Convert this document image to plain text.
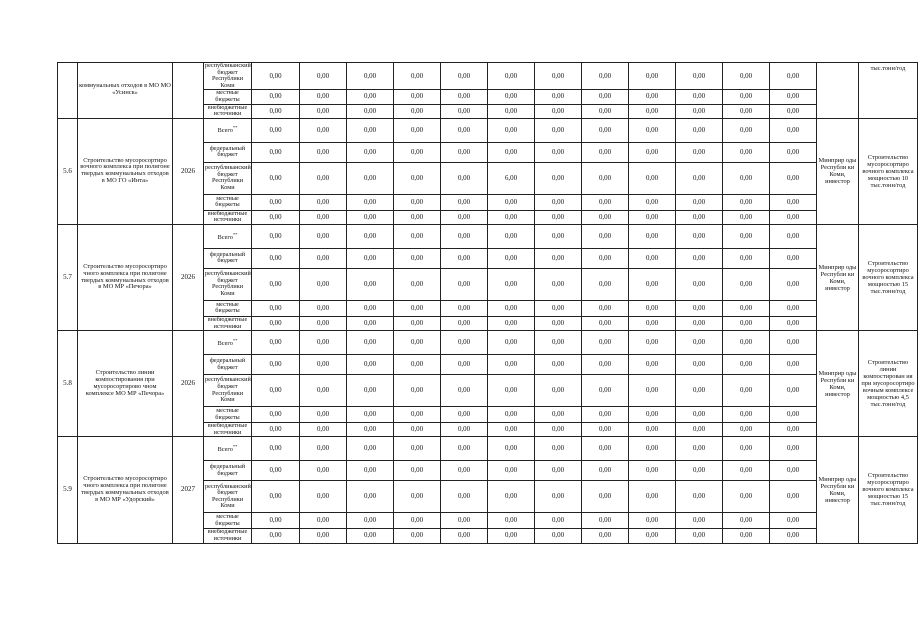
	коммунальных отходов в МО МО «Усинск»		республиканский бюджет Республики Коми	0,00	0,00	0,00	0,00	0,00	0,00	0,00	0,00	0,00	0,00	0,00	0,00		тыс.тонн/год
			местные бюджеты	0,00	0,00	0,00	0,00	0,00	0,00	0,00	0,00	0,00	0,00	0,00	0,00		
			внебюджетные источники	0,00	0,00	0,00	0,00	0,00	0,00	0,00	0,00	0,00	0,00	0,00	0,00		
5.6	Строительство мусоросортиро вочного комплекса при полигоне твердых коммунальных отходов в МО ГО «Инта»	2026	Всего**	0,00	0,00	0,00	0,00	0,00	0,00	0,00	0,00	0,00	0,00	0,00	0,00	Минприр оды Республи ки Коми, инвестор	Строительство мусоросортиро вочного комплекса мощностью 10 тыс.тонн/год
			федеральный бюджет	0,00	0,00	0,00	0,00	0,00	0,00	0,00	0,00	0,00	0,00	0,00	0,00		
			республиканский бюджет Республики Коми	0,00	0,00	0,00	0,00	0,00	6,00	0,00	0,00	0,00	0,00	0,00	0,00		
			местные бюджеты	0,00	0,00	0,00	0,00	0,00	0,00	0,00	0,00	0,00	0,00	0,00	0,00		
			внебюджетные источники	0,00	0,00	0,00	0,00	0,00	0,00	0,00	0,00	0,00	0,00	0,00	0,00		
5.7	Строительство мусоросортиро чного комплекса при полигоне твердых коммунальных отходов в МО МР «Печора»	2026	Всего**	0,00	0,00	0,00	0,00	0,00	0,00	0,00	0,00	0,00	0,00	0,00	0,00	Минприр оды Республи ки Коми, инвестор	Строительство мусоросортиро вочного комплекса мощностью 15 тыс.тонн/год
			федеральный бюджет	0,00	0,00	0,00	0,00	0,00	0,00	0,00	0,00	0,00	0,00	0,00	0,00		
			республиканский бюджет Республики Коми	0,00	0,00	0,00	0,00	0,00	0,00	0,00	0,00	0,00	0,00	0,00	0,00		
			местные бюджеты	0,00	0,00	0,00	0,00	0,00	0,00	0,00	0,00	0,00	0,00	0,00	0,00		
			внебюджетные источники	0,00	0,00	0,00	0,00	0,00	0,00	0,00	0,00	0,00	0,00	0,00	0,00		
5.8	Строительство линии компостирования при мусоросортирово чном комплексе МО МР «Печора»	2026	Всего**	0,00	0,00	0,00	0,00	0,00	0,00	0,00	0,00	0,00	0,00	0,00	0,00	Минприр оды Республи ки Коми, инвестор	Строительство линии компостирован ия при мусоросортиро вочным комплексе мощностью 4,5 тыс.тонн/год
			федеральный бюджет	0,00	0,00	0,00	0,00	0,00	0,00	0,00	0,00	0,00	0,00	0,00	0,00		
			республиканский бюджет Республики Коми	0,00	0,00	0,00	0,00	0,00	0,00	0,00	0,00	0,00	0,00	0,00	0,00		
			местные бюджеты	0,00	0,00	0,00	0,00	0,00	0,00	0,00	0,00	0,00	0,00	0,00	0,00		
			внебюджетные источники	0,00	0,00	0,00	0,00	0,00	0,00	0,00	0,00	0,00	0,00	0,00	0,00		
5.9	Строительство мусоросортиро чного комплекса при полигоне твердых коммунальных отходов в МО МР «Удорский»	2027	Всего**	0,00	0,00	0,00	0,00	0,00	0,00	0,00	0,00	0,00	0,00	0,00	0,00	Минприр оды Республи ки Коми, инвестор	Строительство мусоросортиро вочного комплекса мощностью 15 тыс.тонн/год
			федеральный бюджет	0,00	0,00	0,00	0,00	0,00	0,00	0,00	0,00	0,00	0,00	0,00	0,00		
			республиканский бюджет Республики Коми	0,00	0,00	0,00	0,00	0,00	0,00	0,00	0,00	0,00	0,00	0,00	0,00		
			местные бюджеты	0,00	0,00	0,00	0,00	0,00	0,00	0,00	0,00	0,00	0,00	0,00	0,00		
			внебюджетные источники	0,00	0,00	0,00	0,00	0,00	0,00	0,00	0,00	0,00	0,00	0,00	0,00		
